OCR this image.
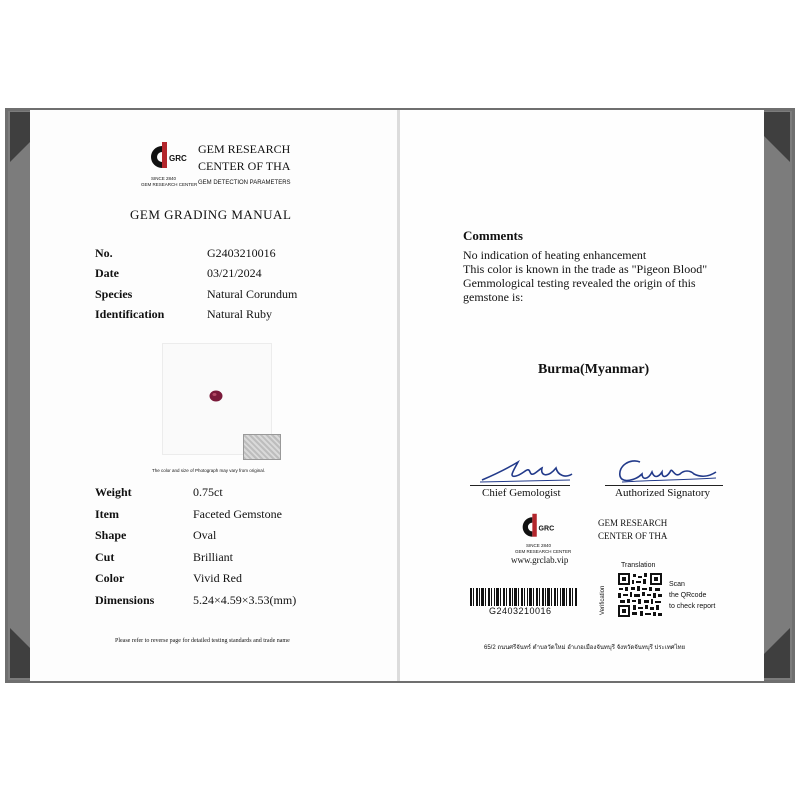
GRC
SINCE 2840
GEM RESEARCH CENTER
GEM RESEARCH
CENTER OF THA
GEM DETECTION PARAMETERS
GEM GRADING MANUAL
No.	G2403210016
Date	03/21/2024
Species	Natural Corundum
Identification	Natural Ruby
The color and size of Photograph may vary from original.
Weight	0.75ct
Item	Faceted Gemstone
Shape	Oval
Cut	Brilliant
Color	Vivid Red
Dimensions	5.24×4.59×3.53(mm)
Please refer to reverse page for detailed testing standards and trade name
Comments
No indication of heating enhancement
This color is known in the trade as "Pigeon Blood"
Gemmological testing revealed the origin of this
gemstone is:
Burma(Myanmar)
Chief Gemologist	Authorized Signatory
GRC
SINCE 2840
GEM RESEARCH CENTER
www.grclab.vip
GEM RESEARCH
CENTER OF THA
G2403210016
Translation
Verification
Scan
the QRcode
to check report
65/2 ถนนศรีจันทร์ ตำบลวัดใหม่ อำเภอเมืองจันทบุรี จังหวัดจันทบุรี ประเทศไทย
